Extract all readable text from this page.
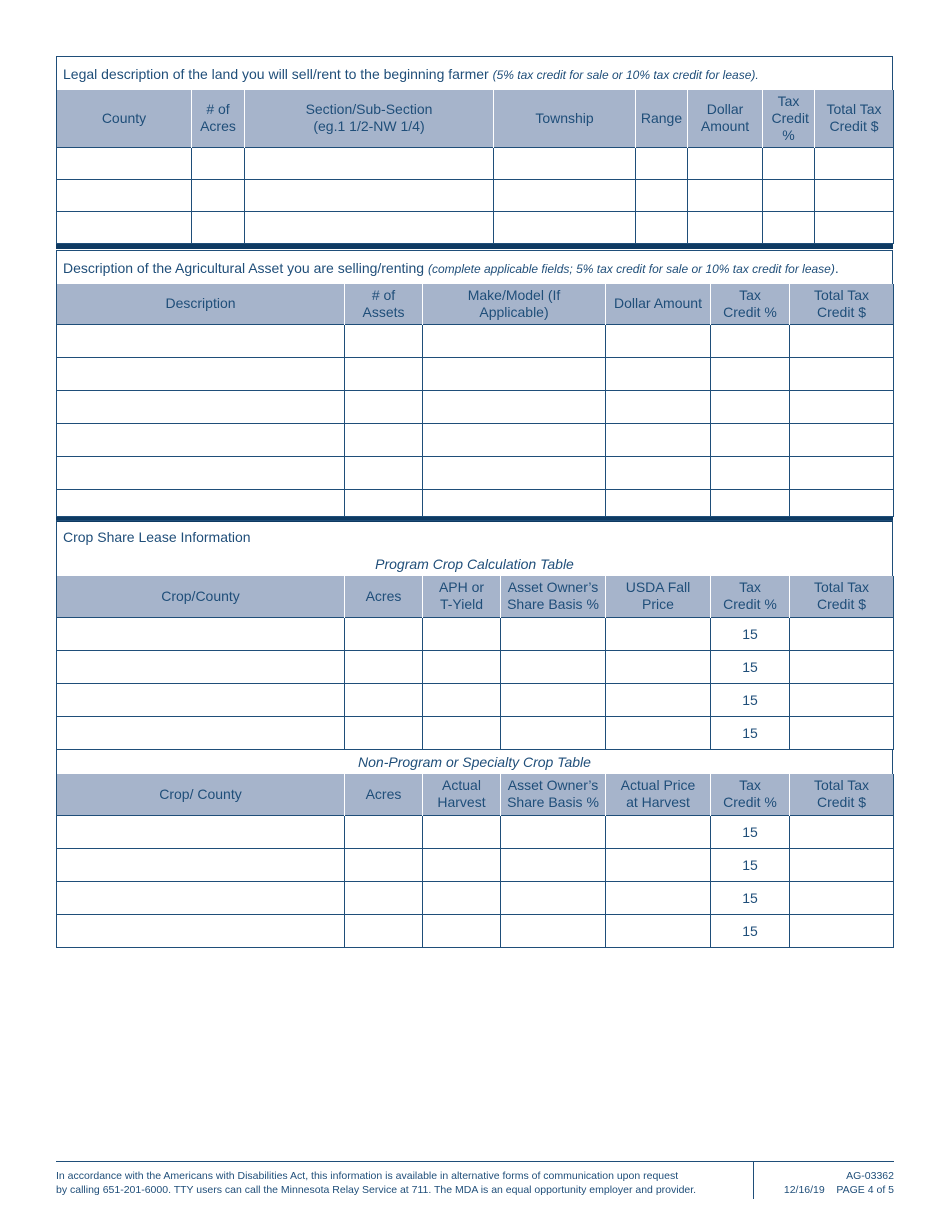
Legal description of the land you will sell/rent to the beginning farmer (5% tax credit for sale or 10% tax credit for lease).
County	# of Acres	Section/Sub-Section (eg.1 1/2-NW 1/4)	Township	Range	Dollar Amount	Tax Credit %	Total Tax Credit $

Description of the Agricultural Asset you are selling/renting (complete applicable fields; 5% tax credit for sale or 10% tax credit for lease).
Description	# of Assets	Make/Model (If Applicable)	Dollar Amount	Tax Credit %	Total Tax Credit $

Crop Share Lease Information
Program Crop Calculation Table
Crop/County	Acres	APH or T-Yield	Asset Owner’s Share Basis %	USDA Fall Price	Tax Credit %	Total Tax Credit $
					15	
					15	
					15	
					15	
Non-Program or Specialty Crop Table
Crop/ County	Acres	Actual Harvest	Asset Owner’s Share Basis %	Actual Price at Harvest	Tax Credit %	Total Tax Credit $
					15	
					15	
					15	
					15	
In accordance with the Americans with Disabilities Act, this information is available in alternative forms of communication upon request
by calling 651-201-6000. TTY users can call the Minnesota Relay Service at 711. The MDA is an equal opportunity employer and provider.
AG-03362
12/16/19 PAGE 4 of 5
